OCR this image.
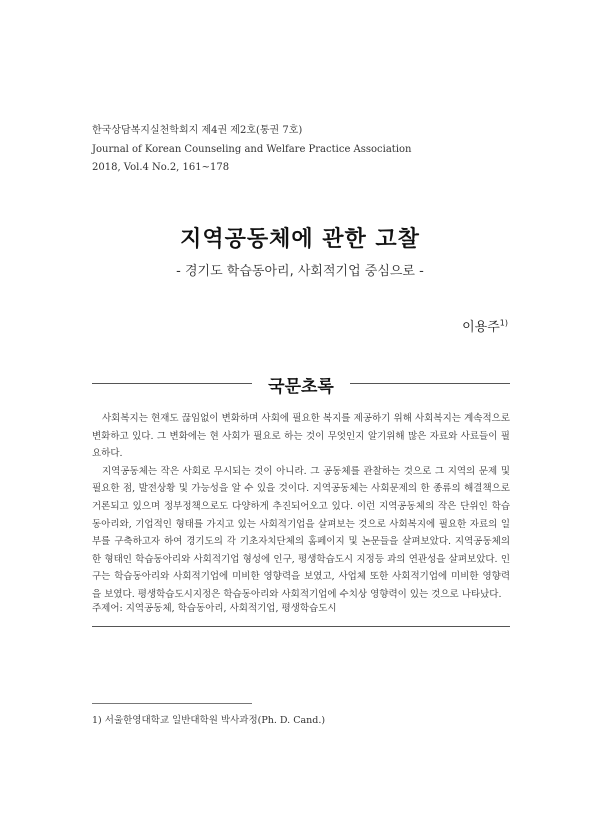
한국상담복지실천학회지 제4권 제2호(통권 7호)
Journal of Korean Counseling and Welfare Practice Association
2018, Vol.4 No.2, 161~178
지역공동체에 관한 고찰
- 경기도 학습동아리, 사회적기업 중심으로 -
이용주$^{1)}$
국문초록

사회복지는 현재도 끊임없이 변화하며 사회에 필요한 복지를 제공하기 위해 사회복지는 계속적으로 변화하고 있다. 그 변화에는 현 사회가 필요로 하는 것이 무엇인지 알기위해 많은 자료와 사료들이 필요하다.

지역공동체는 작은 사회로 무시되는 것이 아니라. 그 공동체를 관찰하는 것으로 그 지역의 문제 및 필요한 점, 발전상황 및 가능성을 알 수 있을 것이다. 지역공동체는 사회문제의 한 종류의 해결책으로 거론되고 있으며 정부정책으로도 다양하게 추진되어오고 있다. 이런 지역공동체의 작은 단위인 학습동아리와, 기업적인 형태를 가지고 있는 사회적기업을 살펴보는 것으로 사회복지에 필요한 자료의 일부를 구축하고자 하여 경기도의 각 기초자치단체의 홈페이지 및 논문들을 살펴보았다. 지역공동체의 한 형태인 학습동아리와 사회적기업 형성에 인구, 평생학습도시 지정등 과의 연관성을 살펴보았다. 인구는 학습동아리와 사회적기업에 미비한 영향력을 보였고, 사업체 또한 사회적기업에 미비한 영향력을 보였다. 평생학습도시지정은 학습동아리와 사회적기업에 수치상 영향력이 있는 것으로 나타났다.

주제어: 지역공동체, 학습동아리, 사회적기업, 평생학습도시
1) 서울한영대학교 일반대학원 박사과정(Ph. D. Cand.)
